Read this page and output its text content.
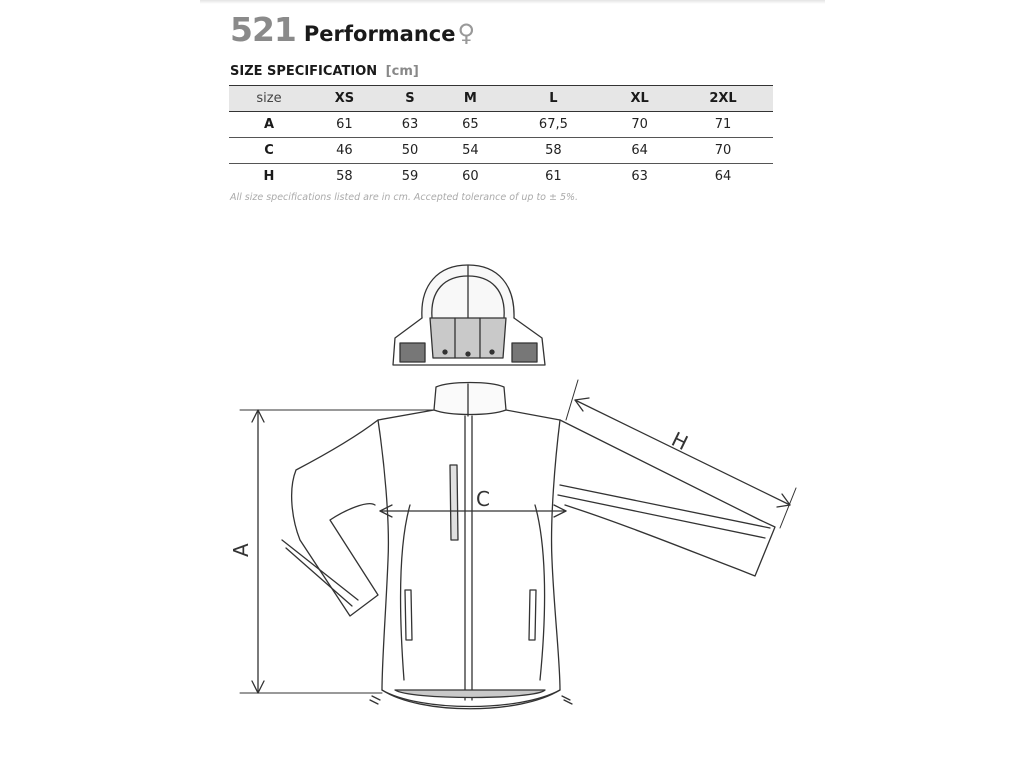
521 Performance ♀
SIZE SPECIFICATION [cm]
size	XS	S	M	L	XL	2XL
A	61	63	65	67,5	70	71
C	46	50	54	58	64	70
H	58	59	60	61	63	64
All size specifications listed are in cm. Accepted tolerance of up to ± 5%.
A
C
H
